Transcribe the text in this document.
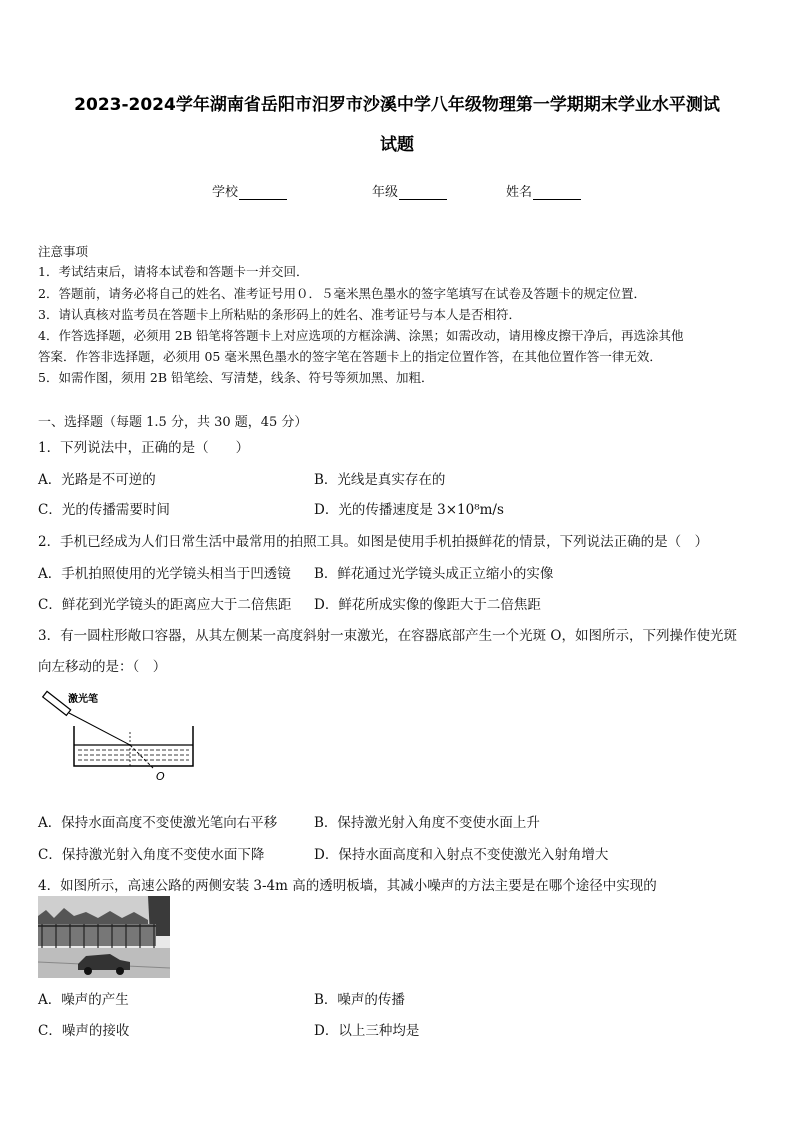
2023-2024学年湖南省岳阳市汨罗市沙溪中学八年级物理第一学期期末学业水平测试
试题
学校	年级	姓名
注意事项
1．考试结束后，请将本试卷和答题卡一并交回．
2．答题前，请务必将自己的姓名、准考证号用０．５毫米黑色墨水的签字笔填写在试卷及答题卡的规定位置．
3．请认真核对监考员在答题卡上所粘贴的条形码上的姓名、准考证号与本人是否相符．
4．作答选择题，必须用 2B 铅笔将答题卡上对应选项的方框涂满、涂黑；如需改动，请用橡皮擦干净后，再选涂其他
答案．作答非选择题，必须用 05 毫米黑色墨水的签字笔在答题卡上的指定位置作答，在其他位置作答一律无效．
5．如需作图，须用 2B 铅笔绘、写清楚，线条、符号等须加黑、加粗．
一、选择题（每题 1.5 分，共 30 题，45 分）
1．下列说法中，正确的是（　　）
A．光路是不可逆的	B．光线是真实存在的
C．光的传播需要时间	D．光的传播速度是 3×10⁸m/s
2．手机已经成为人们日常生活中最常用的拍照工具。如图是使用手机拍摄鲜花的情景，下列说法正确的是（　）
A．手机拍照使用的光学镜头相当于凹透镜 B．鲜花通过光学镜头成正立缩小的实像
C．鲜花到光学镜头的距离应大于二倍焦距 D．鲜花所成实像的像距大于二倍焦距
3．有一圆柱形敞口容器，从其左侧某一高度斜射一束激光，在容器底部产生一个光斑 O，如图所示，下列操作使光斑
向左移动的是：（　）
激光笔
O
A．保持水面高度不变使激光笔向右平移	B．保持激光射入角度不变使水面上升
C．保持激光射入角度不变使水面下降	D．保持水面高度和入射点不变使激光入射角增大
4．如图所示，高速公路的两侧安装 3-4m 高的透明板墙，其减小噪声的方法主要是在哪个途径中实现的
A．噪声的产生	B．噪声的传播
C．噪声的接收	D．以上三种均是
